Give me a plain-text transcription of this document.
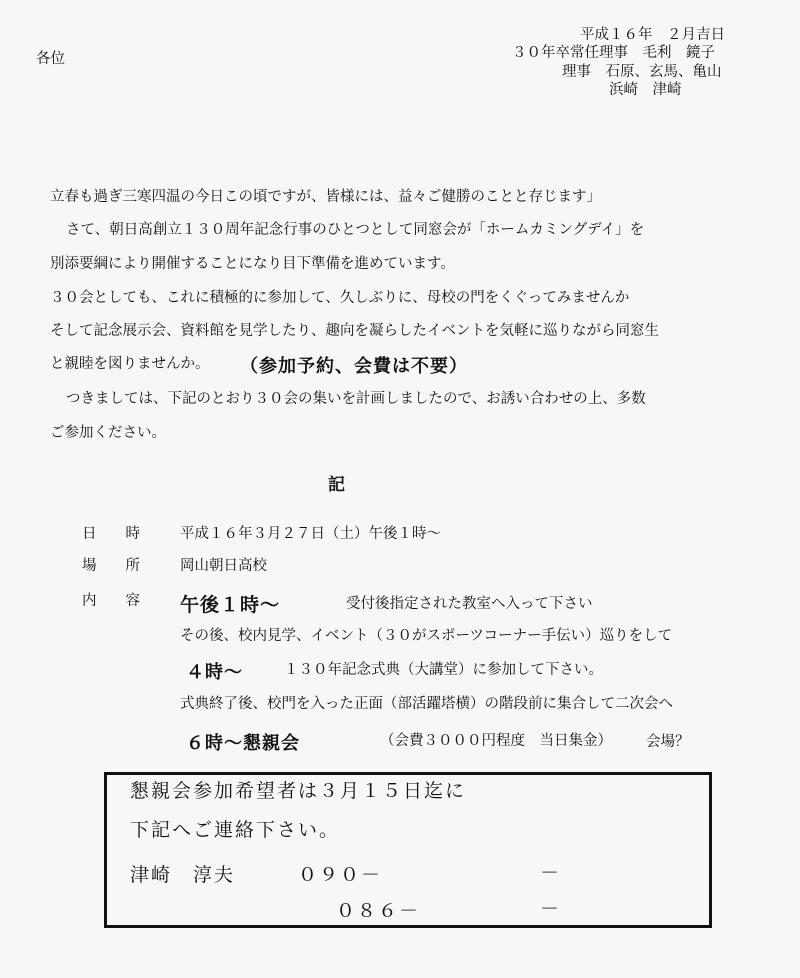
各位
平成１６年　２月吉日
３０年卒常任理事　毛利　鏡子
理事　石原、玄馬、亀山
浜崎　津崎
立春も過ぎ三寒四温の今日この頃ですが、皆様には、益々ご健勝のことと存じます」
さて、朝日高創立１３０周年記念行事のひとつとして同窓会が「ホームカミングデイ」を
別添要綱により開催することになり目下準備を進めています。
３０会としても、これに積極的に参加して、久しぶりに、母校の門をくぐってみませんか
そして記念展示会、資料館を見学したり、趣向を凝らしたイベントを気軽に巡りながら同窓生
と親睦を図りませんか。 （参加予約、会費は不要）
つきましては、下記のとおり３０会の集いを計画しましたので、お誘い合わせの上、多数
ご参加ください。
記
日　　時	平成１６年３月２７日（土）午後１時～
場　　所	岡山朝日高校
内　　容 午後１時～	受付後指定された教室へ入って下さい
その後、校内見学、イベント（３０がスポーツコーナー手伝い）巡りをして
４時～	１３０年記念式典（大講堂）に参加して下さい。
式典終了後、校門を入った正面（部活躍塔横）の階段前に集合して二次会へ
６時～懇親会	（会費３０００円程度　当日集金） 会場？
懇親会参加希望者は３月１５日迄に
下記へご連絡下さい。
津崎　淳夫	０９０－	－
０８６－	－
